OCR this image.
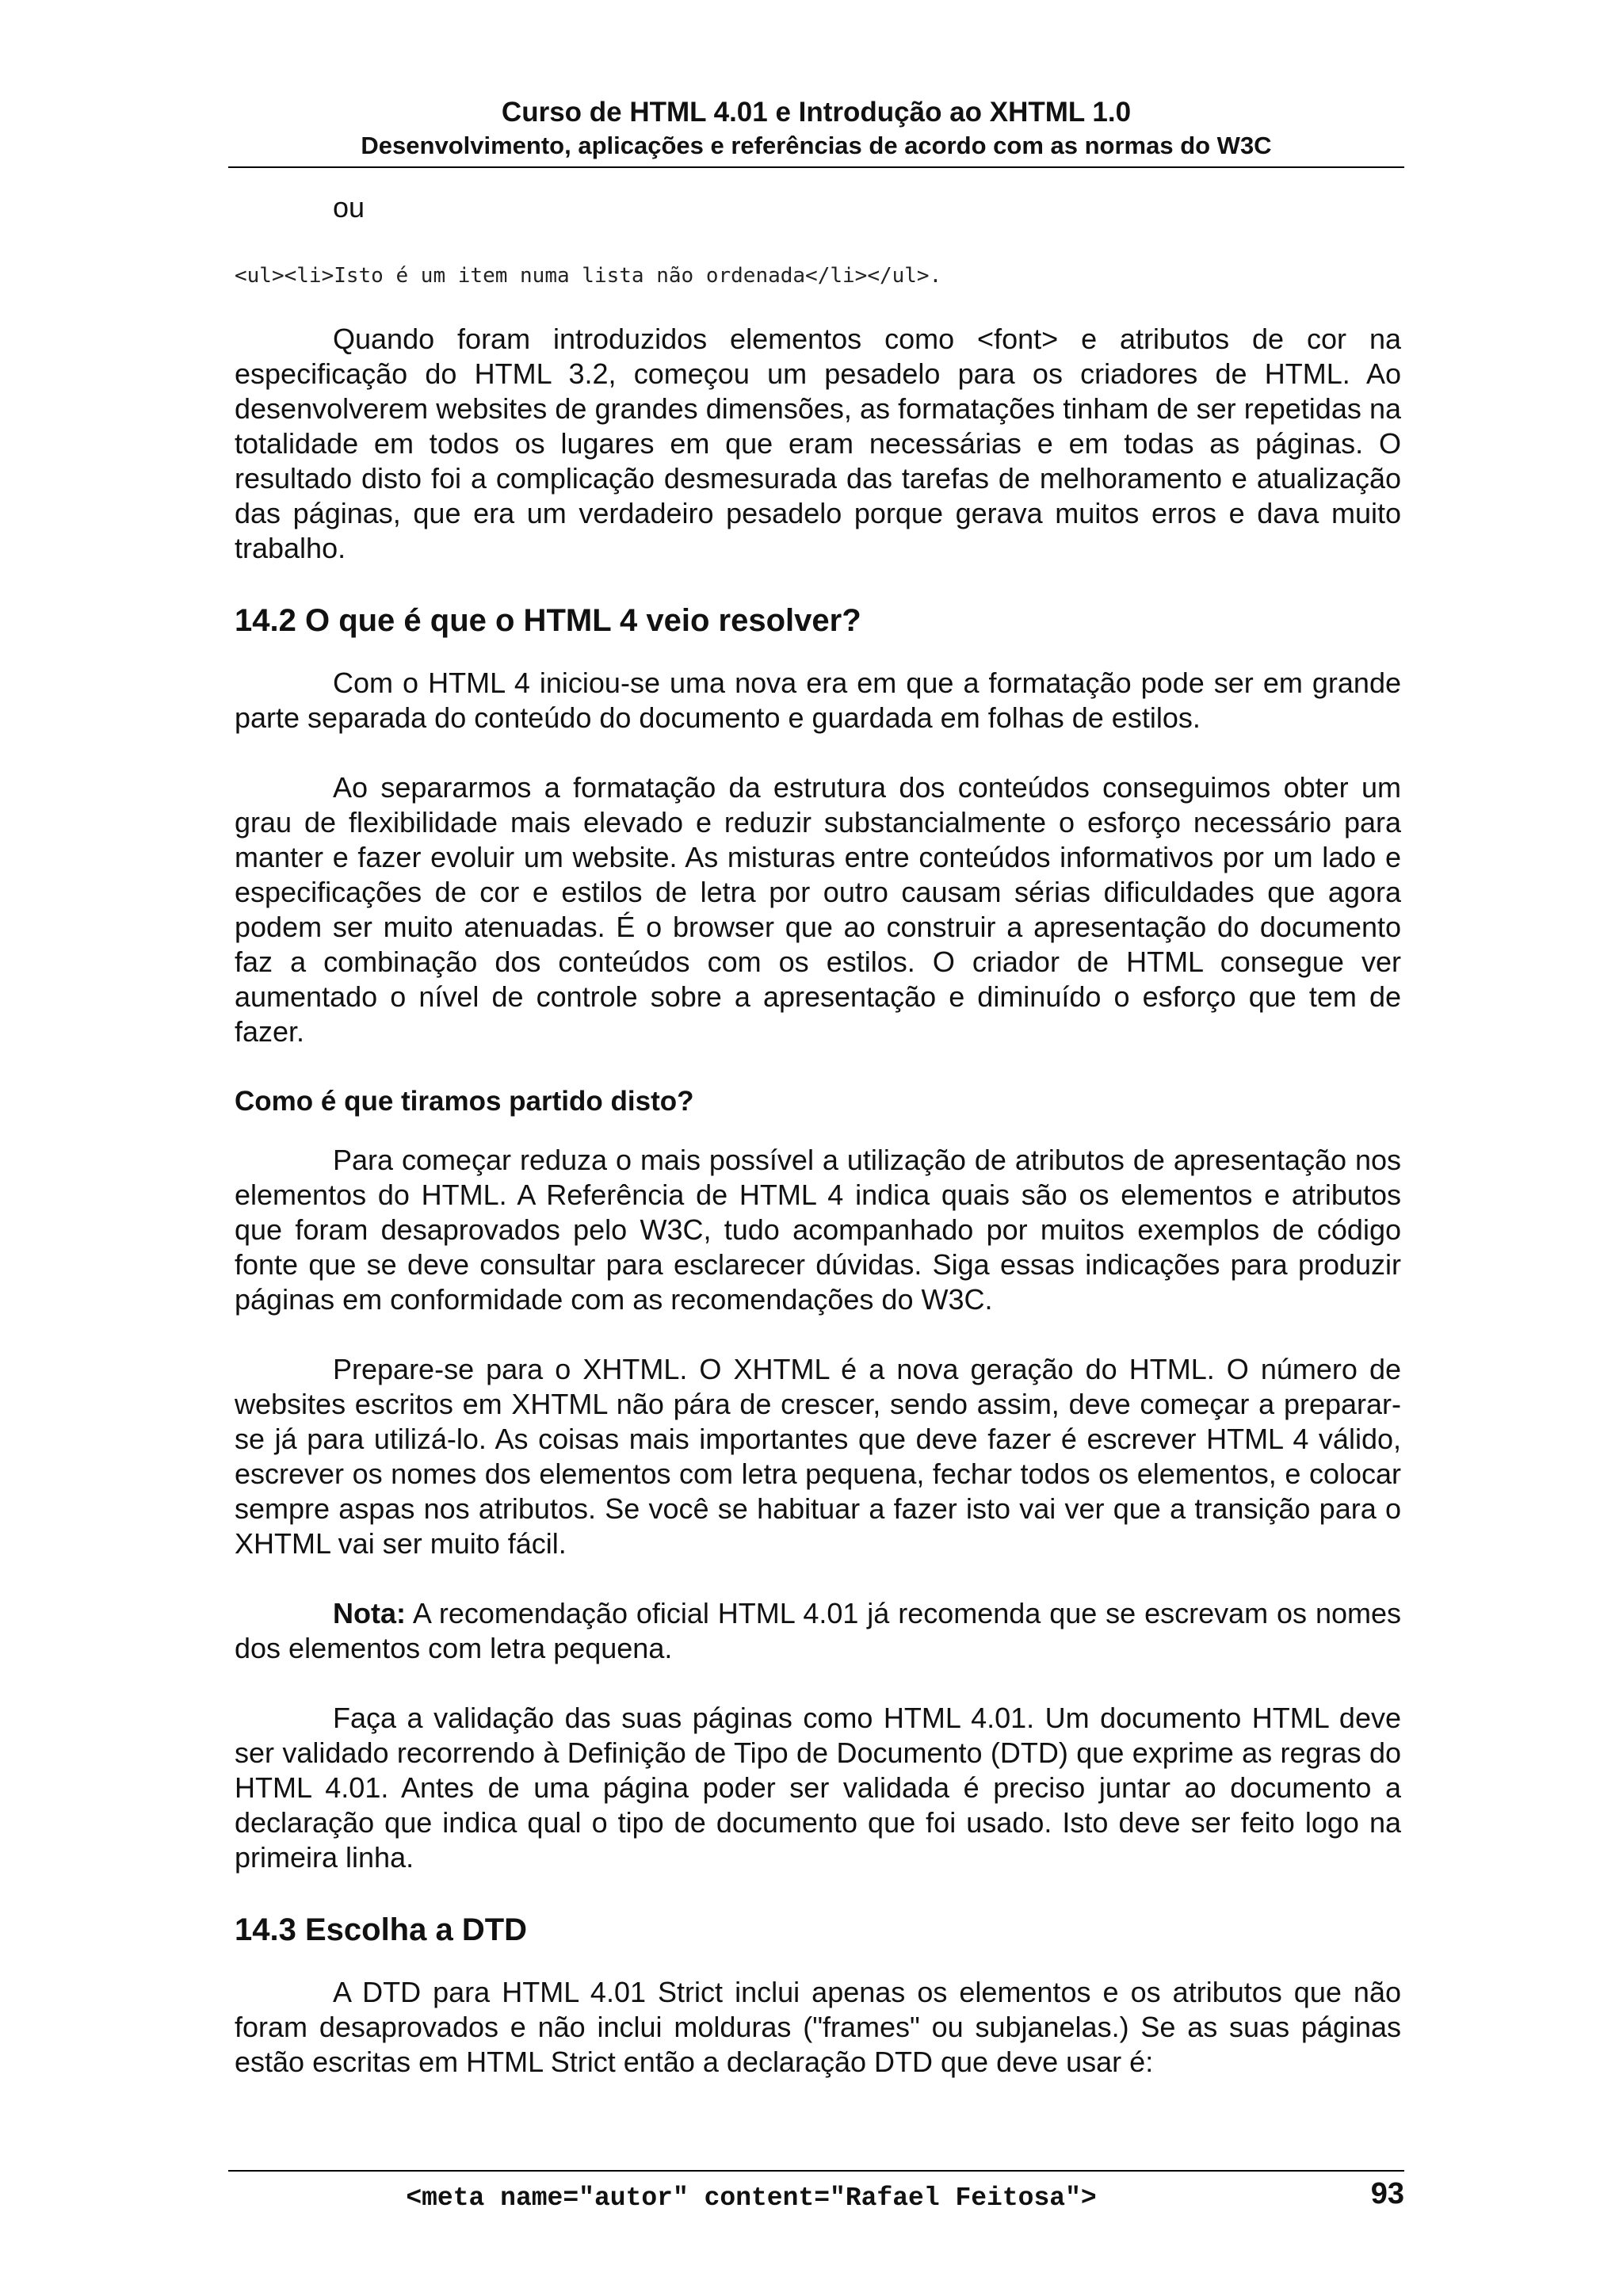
Curso de HTML 4.01 e Introdução ao XHTML 1.0
Desenvolvimento, aplicações e referências de acordo com as normas do W3C

ou

<ul><li>Isto é um item numa lista não ordenada</li></ul>.

Quando foram introduzidos elementos como <font> e atributos de cor na especificação do HTML 3.2, começou um pesadelo para os criadores de HTML. Ao desenvolverem websites de grandes dimensões, as formatações tinham de ser repetidas na totalidade em todos os lugares em que eram necessárias e em todas as páginas. O resultado disto foi a complicação desmesurada das tarefas de melhoramento e atualização das páginas, que era um verdadeiro pesadelo porque gerava muitos erros e dava muito trabalho.

14.2 O que é que o HTML 4 veio resolver?

Com o HTML 4 iniciou-se uma nova era em que a formatação pode ser em grande parte separada do conteúdo do documento e guardada em folhas de estilos.

Ao separarmos a formatação da estrutura dos conteúdos conseguimos obter um grau de flexibilidade mais elevado e reduzir substancialmente o esforço necessário para manter e fazer evoluir um website. As misturas entre conteúdos informativos por um lado e especificações de cor e estilos de letra por outro causam sérias dificuldades que agora podem ser muito atenuadas. É o browser que ao construir a apresentação do documento faz a combinação dos conteúdos com os estilos. O criador de HTML consegue ver aumentado o nível de controle sobre a apresentação e diminuído o esforço que tem de fazer.

Como é que tiramos partido disto?

Para começar reduza o mais possível a utilização de atributos de apresentação nos elementos do HTML. A Referência de HTML 4 indica quais são os elementos e atributos que foram desaprovados pelo W3C, tudo acompanhado por muitos exemplos de código fonte que se deve consultar para esclarecer dúvidas. Siga essas indicações para produzir páginas em conformidade com as recomendações do W3C.

Prepare-se para o XHTML. O XHTML é a nova geração do HTML. O número de websites escritos em XHTML não pára de crescer, sendo assim, deve começar a preparar-se já para utilizá-lo. As coisas mais importantes que deve fazer é escrever HTML 4 válido, escrever os nomes dos elementos com letra pequena, fechar todos os elementos, e colocar sempre aspas nos atributos. Se você se habituar a fazer isto vai ver que a transição para o XHTML vai ser muito fácil.

Nota: A recomendação oficial HTML 4.01 já recomenda que se escrevam os nomes dos elementos com letra pequena.

Faça a validação das suas páginas como HTML 4.01. Um documento HTML deve ser validado recorrendo à Definição de Tipo de Documento (DTD) que exprime as regras do HTML 4.01. Antes de uma página poder ser validada é preciso juntar ao documento a declaração que indica qual o tipo de documento que foi usado. Isto deve ser feito logo na primeira linha.

14.3 Escolha a DTD

A DTD para HTML 4.01 Strict inclui apenas os elementos e os atributos que não foram desaprovados e não inclui molduras ("frames" ou subjanelas.) Se as suas páginas estão escritas em HTML Strict então a declaração DTD que deve usar é:

<meta name="autor" content="Rafael Feitosa">	93
